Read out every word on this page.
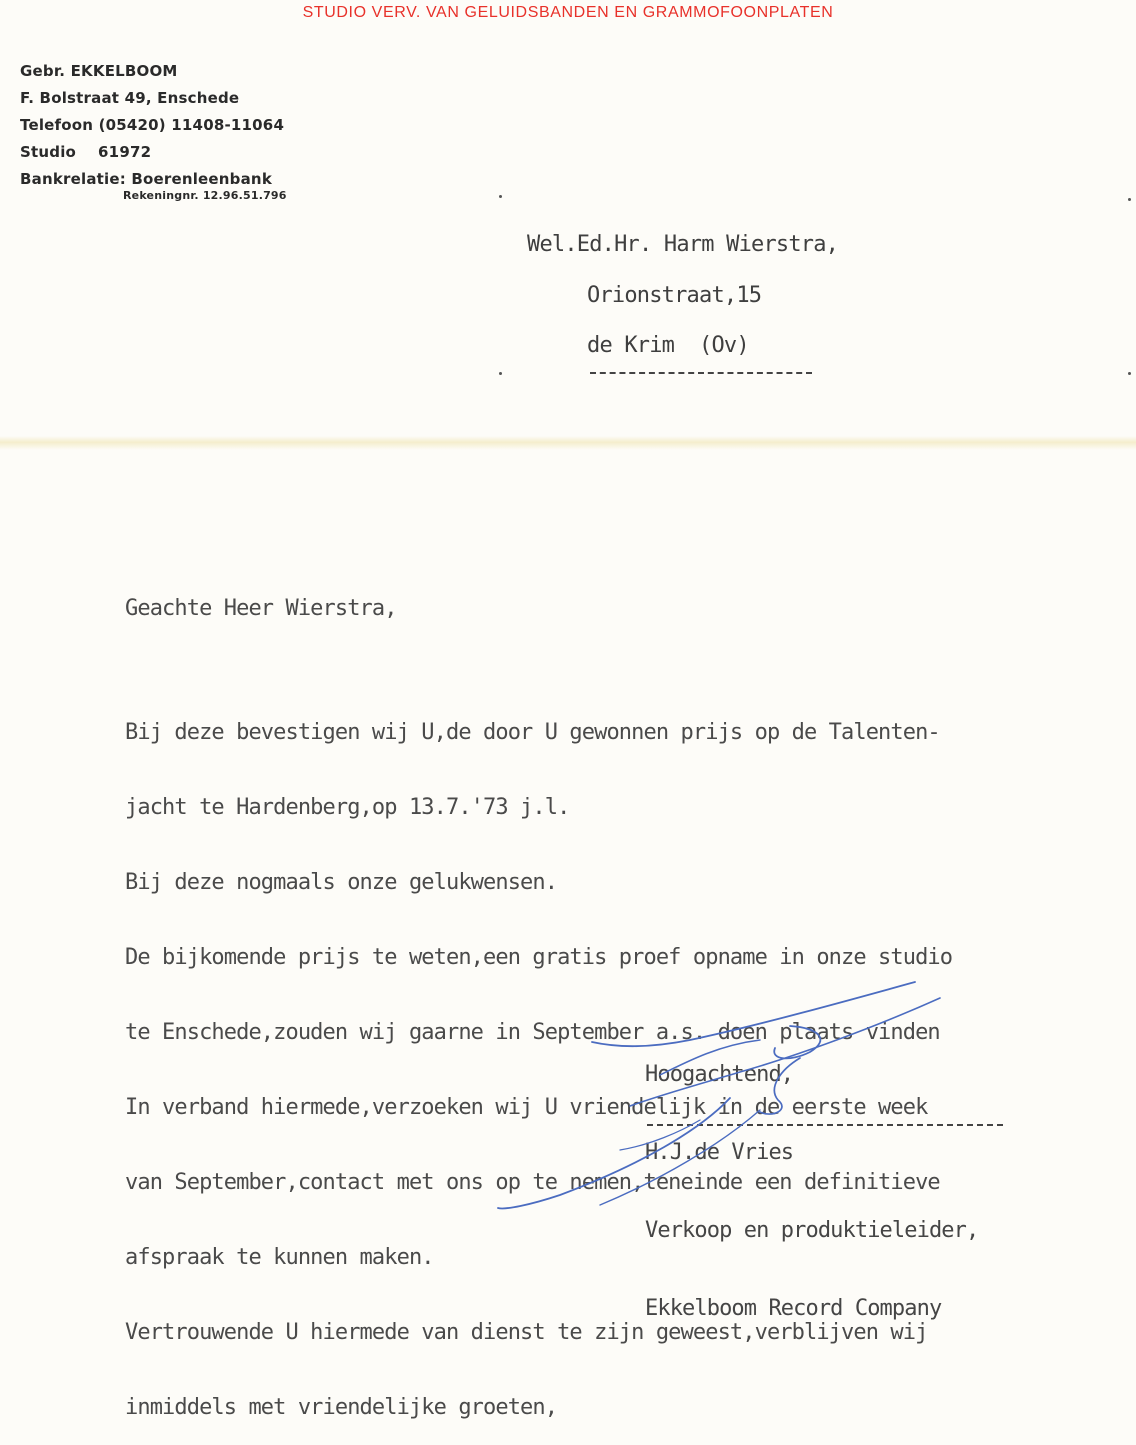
STUDIO VERV. VAN GELUIDSBANDEN EN GRAMMOFOONPLATEN
Gebr. EKKELBOOM
F. Bolstraat 49, Enschede
Telefoon (05420) 11408-11064
Studio 61972
Bankrelatie: Boerenleenbank
Rekeningnr. 12.96.51.796
Wel.Ed.Hr. Harm Wierstra,
Orionstraat,15
de Krim  (Ov)
Geachte Heer Wierstra,

Bij deze bevestigen wij U,de door U gewonnen prijs op de Talenten-

jacht te Hardenberg,op 13.7.'73 j.l.

Bij deze nogmaals onze gelukwensen.

De bijkomende prijs te weten,een gratis proef opname in onze studio

te Enschede,zouden wij gaarne in September a.s. doen plaats vinden

In verband hiermede,verzoeken wij U vriendelijk in de eerste week

van September,contact met ons op te nemen,teneinde een definitieve

afspraak te kunnen maken.

Vertrouwende U hiermede van dienst te zijn geweest,verblijven wij

inmiddels met vriendelijke groeten,

Hoogachtend,

H.J.de Vries

Verkoop en produktieleider,

Ekkelboom Record Company
